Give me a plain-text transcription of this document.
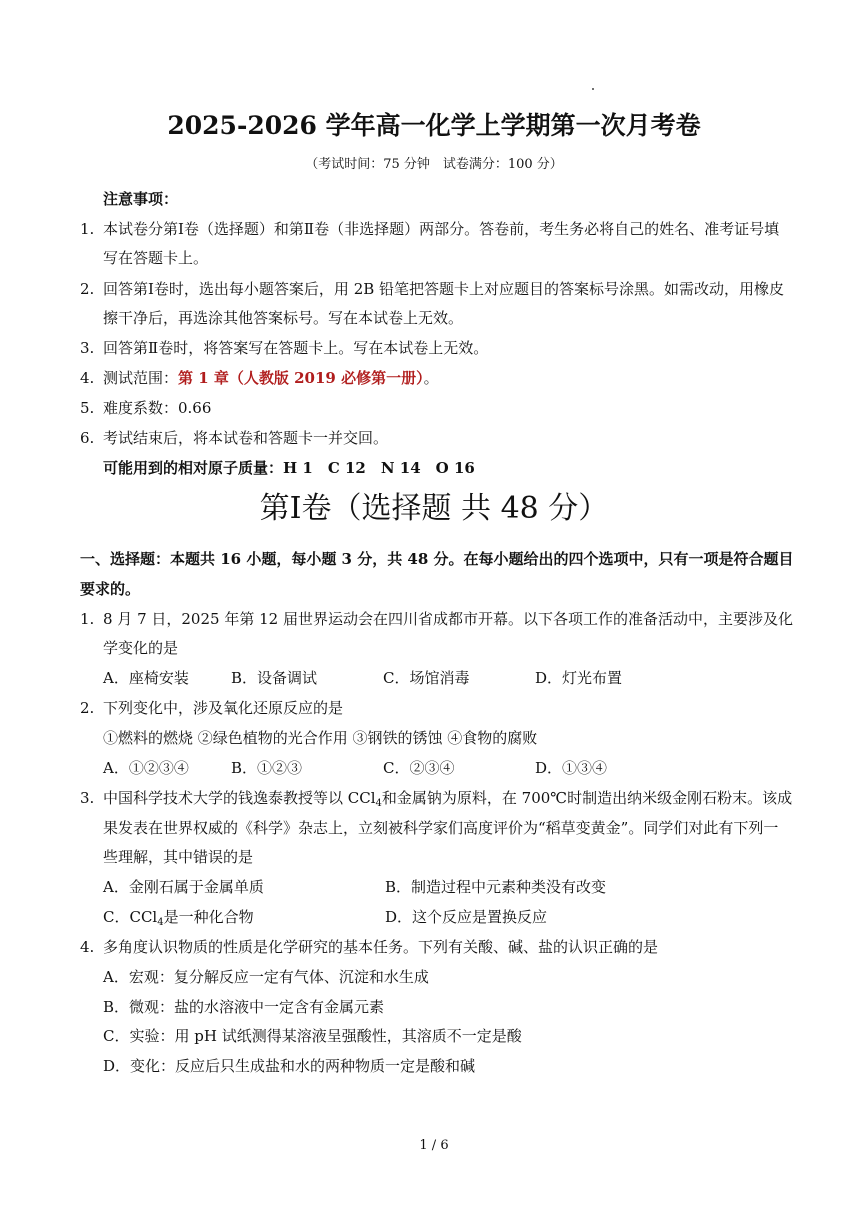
2025-2026 学年高一化学上学期第一次月考卷
（考试时间：75 分钟　试卷满分：100 分）
注意事项：
1. 本试卷分第Ⅰ卷（选择题）和第Ⅱ卷（非选择题）两部分。答卷前，考生务必将自己的姓名、准考证号填
写在答题卡上。
2. 回答第Ⅰ卷时，选出每小题答案后，用 2B 铅笔把答题卡上对应题目的答案标号涂黑。如需改动，用橡皮
擦干净后，再选涂其他答案标号。写在本试卷上无效。
3. 回答第Ⅱ卷时，将答案写在答题卡上。写在本试卷上无效。
4. 测试范围：第 1 章（人教版 2019 必修第一册）。
5. 难度系数：0.66
6. 考试结束后，将本试卷和答题卡一并交回。
可能用到的相对原子质量：H 1　C 12　N 14　O 16
第Ⅰ卷（选择题 共 48 分）
一、选择题：本题共 16 小题，每小题 3 分，共 48 分。在每小题给出的四个选项中，只有一项是符合题目
要求的。
1. 8 月 7 日，2025 年第 12 届世界运动会在四川省成都市开幕。以下各项工作的准备活动中，主要涉及化
学变化的是
A．座椅安装	B．设备调试	C．场馆消毒	D．灯光布置
2. 下列变化中，涉及氧化还原反应的是
①燃料的燃烧 ②绿色植物的光合作用 ③钢铁的锈蚀 ④食物的腐败
A．①②③④	B．①②③	C．②③④	D．①③④
3. 中国科学技术大学的钱逸泰教授等以 CCl$_4$和金属钠为原料，在 700℃时制造出纳米级金刚石粉末。该成
果发表在世界权威的《科学》杂志上，立刻被科学家们高度评价为“稻草变黄金”。同学们对此有下列一
些理解，其中错误的是
A．金刚石属于金属单质	B．制造过程中元素种类没有改变
C．CCl$_4$是一种化合物	D．这个反应是置换反应
4. 多角度认识物质的性质是化学研究的基本任务。下列有关酸、碱、盐的认识正确的是
A．宏观：复分解反应一定有气体、沉淀和水生成
B．微观：盐的水溶液中一定含有金属元素
C．实验：用 pH 试纸测得某溶液呈强酸性，其溶质不一定是酸
D．变化：反应后只生成盐和水的两种物质一定是酸和碱
1 / 6
